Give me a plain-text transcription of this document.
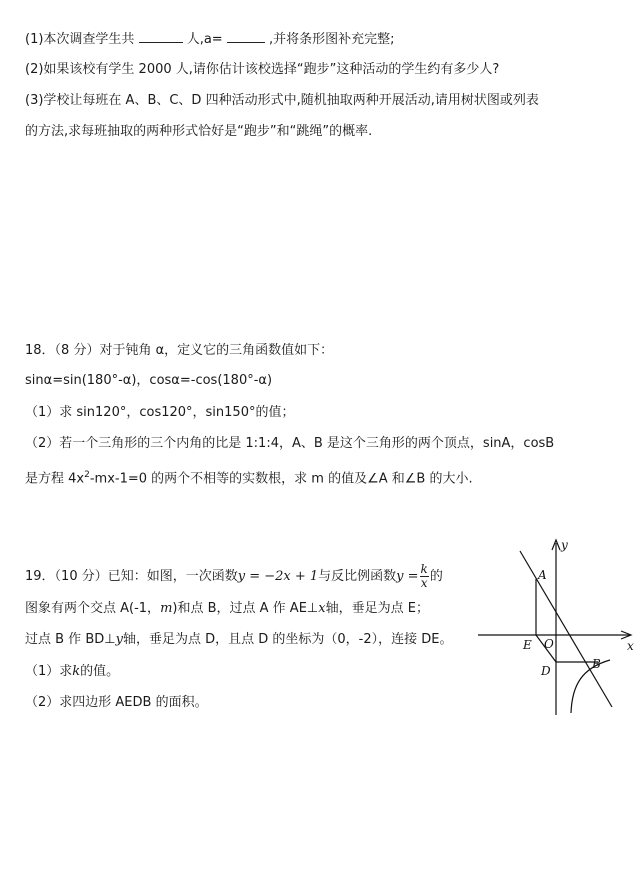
(1)本次调查学生共	人,a=	,并将条形图补充完整;
(2)如果该校有学生 2000 人,请你估计该校选择“跑步”这种活动的学生约有多少人?
(3)学校让每班在 A、B、C、D 四种活动形式中,随机抽取两种开展活动,请用树状图或列表
的方法,求每班抽取的两种形式恰好是“跑步”和“跳绳”的概率.
18．（8 分）对于钝角 α，定义它的三角函数值如下：
sinα=sin(180°-α)，cosα=-cos(180°-α)
（1）求 sin120°，cos120°，sin150°的值；
（2）若一个三角形的三个内角的比是 1:1:4，A、B 是这个三角形的两个顶点，sinA，cosB
是方程 $4x^2-mx-1=0$ 的两个不相等的实数根，求 m 的值及∠A 和∠B 的大小.
19．（10 分）已知：如图，一次函数y = −2x + 1与反比例函数$y = \frac{k}{x}$ 的
图象有两个交点 A(-1，m)和点 B，过点 A 作 AE⊥x轴，垂足为点 E；
过点 B 作 BD⊥y轴，垂足为点 D，且点 D 的坐标为（0，-2），连接 DE。
（1）求k的值。
（2）求四边形 AEDB 的面积。
y
x
A
E O
D	B
